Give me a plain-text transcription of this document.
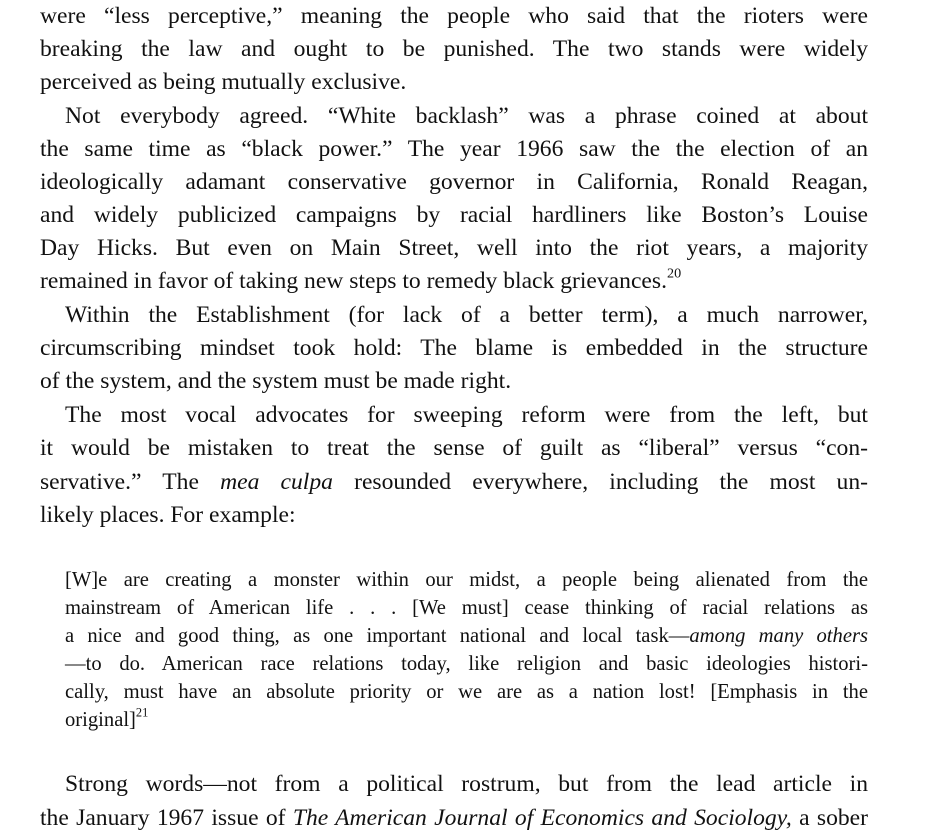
were “less perceptive,” meaning the people who said that the rioters were
breaking the law and ought to be punished. The two stands were widely
perceived as being mutually exclusive.
Not everybody agreed. “White backlash” was a phrase coined at about
the same time as “black power.” The year 1966 saw the the election of an
ideologically adamant conservative governor in California, Ronald Reagan,
and widely publicized campaigns by racial hardliners like Boston’s Louise
Day Hicks. But even on Main Street, well into the riot years, a majority
remained in favor of taking new steps to remedy black grievances.$^{20}$
Within the Establishment (for lack of a better term), a much narrower,
circumscribing mindset took hold: The blame is embedded in the structure
of the system, and the system must be made right.
The most vocal advocates for sweeping reform were from the left, but
it would be mistaken to treat the sense of guilt as “liberal” versus “con-
servative.” The mea culpa resounded everywhere, including the most un-
likely places. For example:
[W]e are creating a monster within our midst, a people being alienated from the
mainstream of American life . . . [We must] cease thinking of racial relations as
a nice and good thing, as one important national and local task—among many others
—to do. American race relations today, like religion and basic ideologies histori-
cally, must have an absolute priority or we are as a nation lost! [Emphasis in the
original]$^{21}$
Strong words—not from a political rostrum, but from the lead article in
the January 1967 issue of The American Journal of Economics and Sociology, a sober
